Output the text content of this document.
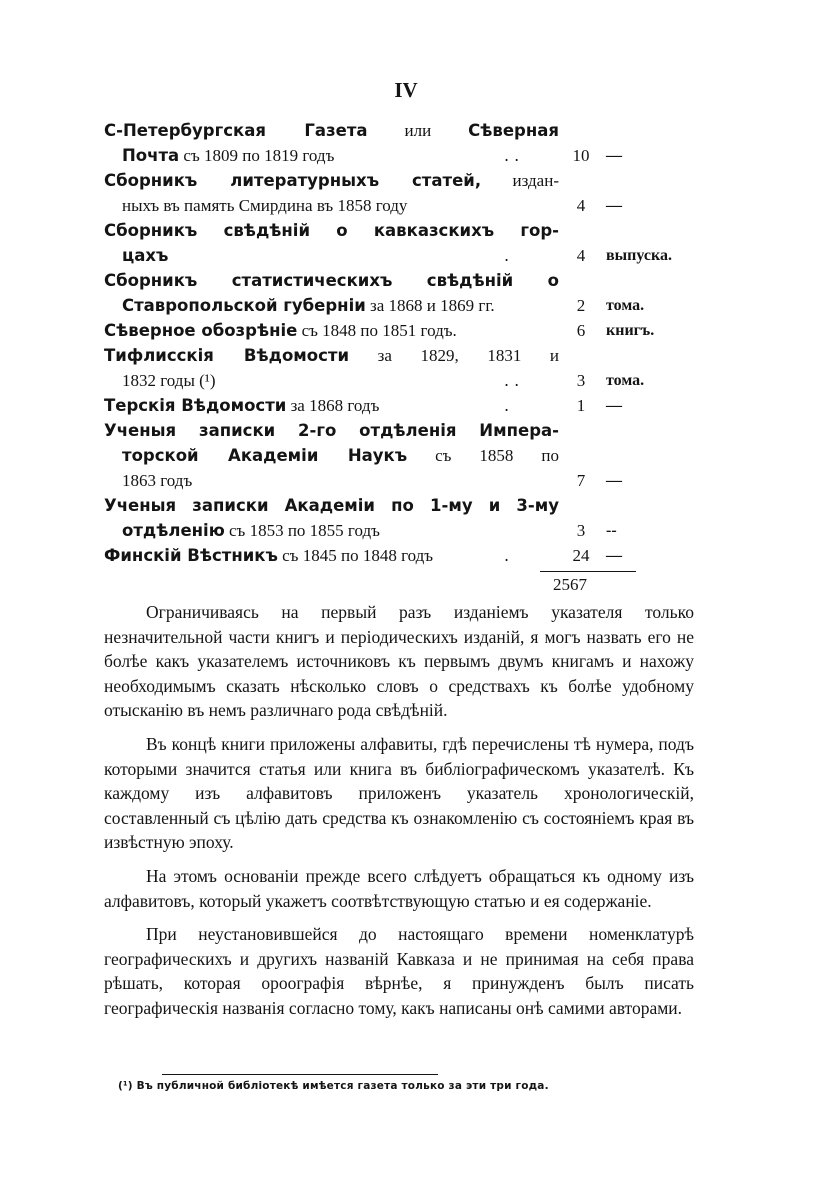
IV
С-Петербургская Газета или Сѣверная
Почта съ 1809 по 1819 годъ	. .	10	—
Сборникъ литературныхъ статей, издан-
ныхъ въ память Смирдина въ 1858 году	4	—
Сборникъ свѣдѣній о кавказскихъ гор-
цахъ	.	4	выпуска.
Сборникъ статистическихъ свѣдѣній о
Ставропольской губерніи за 1868 и 1869 гг.	2	тома.
Сѣверное обозрѣніе съ 1848 по 1851 годъ.	6	книгъ.
Тифлисскія Вѣдомости за 1829, 1831 и
1832 годы (¹)	. .	3	тома.
Терскія Вѣдомости за 1868 годъ	.	1	—
Ученыя записки 2-го отдѣленія Импера-
торской Академіи Наукъ съ 1858 по
1863 годъ	7	—
Ученыя записки Академіи по 1-му и 3-му
отдѣленію съ 1853 по 1855 годъ	3	--
Финскій Вѣстникъ съ 1845 по 1848 годъ	.	24	—
2567

Ограничиваясь на первый разъ изданіемъ указателя только незначительной части книгъ и періодическихъ изданій, я могъ назвать его не болѣе какъ указателемъ источниковъ къ первымъ двумъ книгамъ и нахожу необходимымъ сказать нѣсколько словъ о средствахъ къ болѣе удобному отысканію въ немъ различнаго рода свѣдѣній.

Въ концѣ книги приложены алфавиты, гдѣ перечислены тѣ нумера, подъ которыми значится статья или книга въ библіографическомъ указателѣ. Къ каждому изъ алфавитовъ приложенъ указатель хронологическій, составленный съ цѣлію дать средства къ ознакомленію съ состояніемъ края въ извѣстную эпоху.

На этомъ основаніи прежде всего слѣдуетъ обращаться къ одному изъ алфавитовъ, который укажетъ соотвѣтствующую статью и ея содержаніе.

При неустановившейся до настоящаго времени номенклатурѣ географическихъ и другихъ названій Кавказа и не принимая на себя права рѣшать, которая ороографія вѣрнѣе, я принужденъ былъ писать географическія названія согласно тому, какъ написаны онѣ самими авторами.

(¹) Въ публичной библіотекѣ имѣется газета только за эти три года.
